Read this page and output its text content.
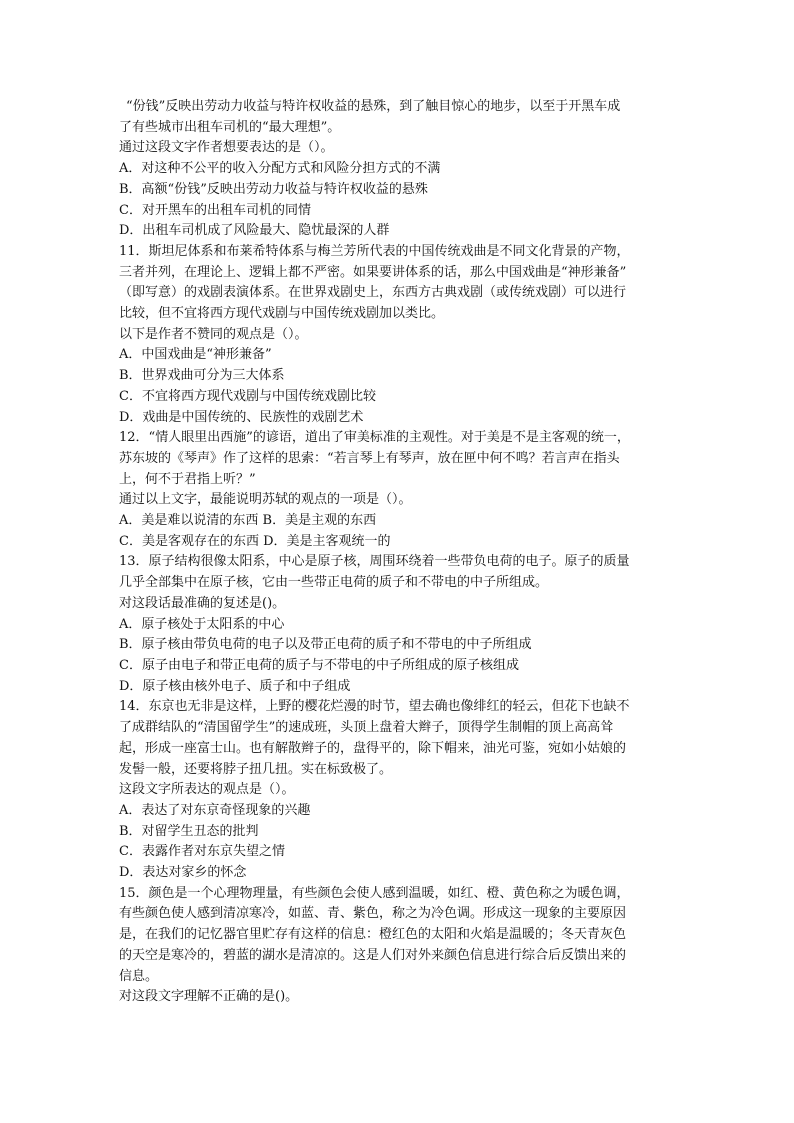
“份钱”反映出劳动力收益与特许权收益的悬殊，到了触目惊心的地步，以至于开黑车成
了有些城市出租车司机的“最大理想”。
通过这段文字作者想要表达的是（）。
A．对这种不公平的收入分配方式和风险分担方式的不满
B．高额“份钱”反映出劳动力收益与特许权收益的悬殊
C．对开黑车的出租车司机的同情
D．出租车司机成了风险最大、隐忧最深的人群
11．斯坦尼体系和布莱希特体系与梅兰芳所代表的中国传统戏曲是不同文化背景的产物，
三者并列，在理论上、逻辑上都不严密。如果要讲体系的话，那么中国戏曲是“神形兼备”
（即写意）的戏剧表演体系。在世界戏剧史上，东西方古典戏剧（或传统戏剧）可以进行
比较，但不宜将西方现代戏剧与中国传统戏剧加以类比。
以下是作者不赞同的观点是（）。
A．中国戏曲是“神形兼备”
B．世界戏曲可分为三大体系
C．不宜将西方现代戏剧与中国传统戏剧比较
D．戏曲是中国传统的、民族性的戏剧艺术
12．“情人眼里出西施”的谚语，道出了审美标准的主观性。对于美是不是主客观的统一，
苏东坡的《琴声》作了这样的思索：“若言琴上有琴声，放在匣中何不鸣？若言声在指头
上，何不于君指上听？”
通过以上文字，最能说明苏轼的观点的一项是（）。
A．美是难以说清的东西 B．美是主观的东西
C．美是客观存在的东西 D．美是主客观统一的
13．原子结构很像太阳系，中心是原子核，周围环绕着一些带负电荷的电子。原子的质量
几乎全部集中在原子核，它由一些带正电荷的质子和不带电的中子所组成。
对这段话最准确的复述是()。
A．原子核处于太阳系的中心
B．原子核由带负电荷的电子以及带正电荷的质子和不带电的中子所组成
C．原子由电子和带正电荷的质子与不带电的中子所组成的原子核组成
D．原子核由核外电子、质子和中子组成
14．东京也无非是这样，上野的樱花烂漫的时节，望去确也像绯红的轻云，但花下也缺不
了成群结队的“清国留学生”的速成班，头顶上盘着大辫子，顶得学生制帽的顶上高高耸
起，形成一座富士山。也有解散辫子的，盘得平的，除下帽来，油光可鉴，宛如小姑娘的
发髻一般，还要将脖子扭几扭。实在标致极了。
这段文字所表达的观点是（）。
A．表达了对东京奇怪现象的兴趣
B．对留学生丑态的批判
C．表露作者对东京失望之情
D．表达对家乡的怀念
15．颜色是一个心理物理量，有些颜色会使人感到温暖，如红、橙、黄色称之为暖色调，
有些颜色使人感到清凉寒冷，如蓝、青、紫色，称之为冷色调。形成这一现象的主要原因
是，在我们的记忆器官里贮存有这样的信息：橙红色的太阳和火焰是温暖的；冬天青灰色
的天空是寒冷的，碧蓝的湖水是清凉的。这是人们对外来颜色信息进行综合后反馈出来的
信息。
对这段文字理解不正确的是()。
